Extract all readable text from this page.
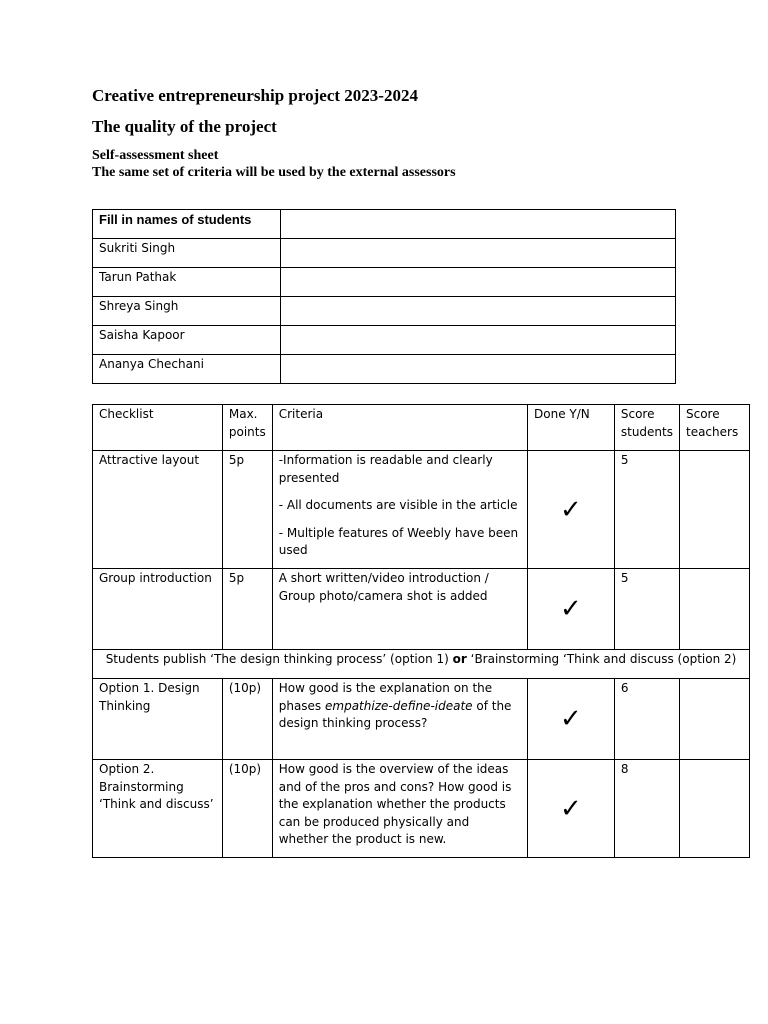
Creative entrepreneurship project 2023-2024
The quality of the project
Self-assessment sheet
The same set of criteria will be used by the external assessors
Fill in names of students	
Sukriti Singh	
Tarun Pathak	
Shreya Singh	
Saisha Kapoor	
Ananya Chechani	
Checklist	Max. points	Criteria	Done Y/N	Score students	Score teachers
Attractive layout	5p	-Information is readable and clearly presented

- All documents are visible in the article

- Multiple features of Weebly have been used	✓	5	
Group introduction	5p	A short written/video introduction / Group photo/camera shot is added	✓	5	
Students publish ‘The design thinking process’ (option 1) or ‘Brainstorming ‘Think and discuss (option 2)					
Option 1. Design Thinking	(10p)	How good is the explanation on the phases empathize-define-ideate of the design thinking process?	✓	6	
Option 2. Brainstorming ‘Think and discuss’	(10p)	How good is the overview of the ideas and of the pros and cons? How good is the explanation whether the products can be produced physically and whether the product is new.	✓	8	
